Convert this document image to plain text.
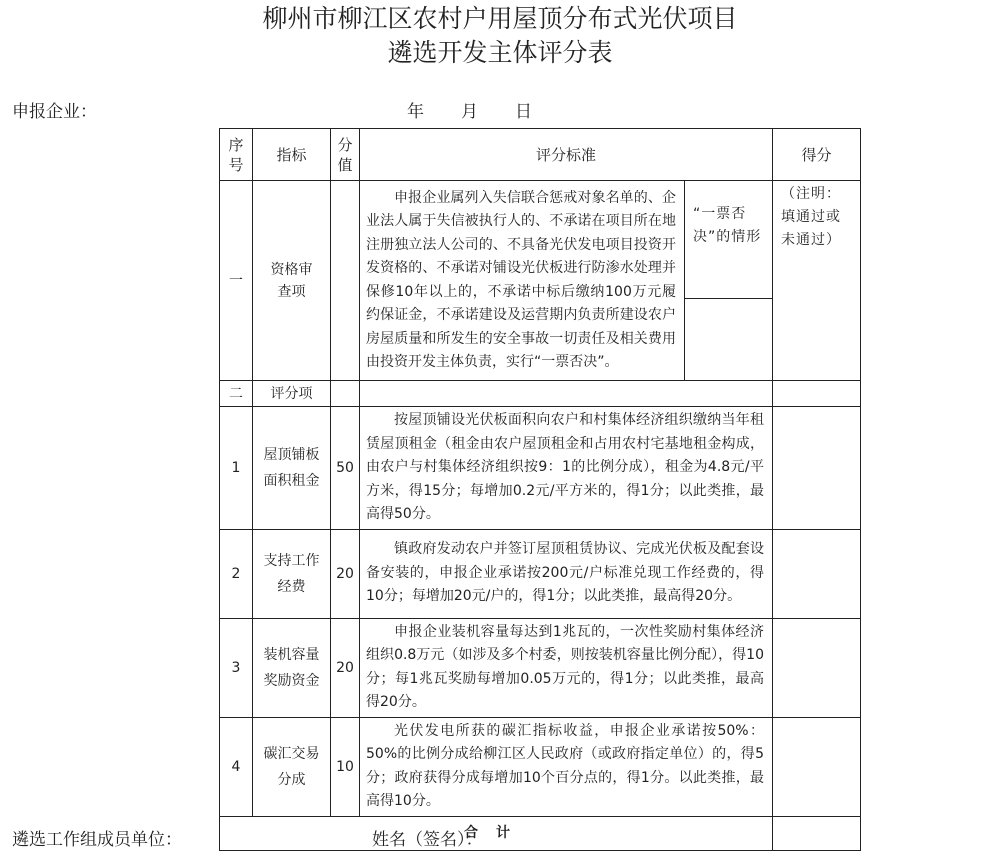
柳州市柳江区农村户用屋顶分布式光伏项目
遴选开发主体评分表
申报企业：	年 月 日
序号	指标	分值	评分标准		得分
一	资格审查项		申报企业属列入失信联合惩戒对象名单的、企业法人属于失信被执行人的、不承诺在项目所在地注册独立法人公司的、不具备光伏发电项目投资开发资格的、不承诺对铺设光伏板进行防渗水处理并保修10年以上的，不承诺中标后缴纳100万元履约保证金，不承诺建设及运营期内负责所建设农户房屋质量和所发生的安全事故一切责任及相关费用由投资开发主体负责，实行“一票否决”。	“一票否决”的情形	（注明：填通过或未通过）

二	评分项				
1	屋顶铺板面积租金	50	按屋顶铺设光伏板面积向农户和村集体经济组织缴纳当年租赁屋顶租金（租金由农户屋顶租金和占用农村宅基地租金构成，由农户与村集体经济组织按9：1的比例分成），租金为4.8元/平方米，得15分；每增加0.2元/平方米的，得1分；以此类推，最高得50分。		
2	支持工作经费	20	镇政府发动农户并签订屋顶租赁协议、完成光伏板及配套设备安装的，申报企业承诺按200元/户标准兑现工作经费的，得10分；每增加20元/户的，得1分；以此类推，最高得20分。		
3	装机容量奖励资金	20	申报企业装机容量每达到1兆瓦的，一次性奖励村集体经济组织0.8万元（如涉及多个村委，则按装机容量比例分配），得10分；每1兆瓦奖励每增加0.05万元的，得1分；以此类推，最高得20分。		
4	碳汇交易分成	10	光伏发电所获的碳汇指标收益，申报企业承诺按50%：50%的比例分成给柳江区人民政府（或政府指定单位）的，得5分；政府获得分成每增加10个百分点的，得1分。以此类推，最高得10分。		
合计					
遴选工作组成员单位：	姓名（签名）：
